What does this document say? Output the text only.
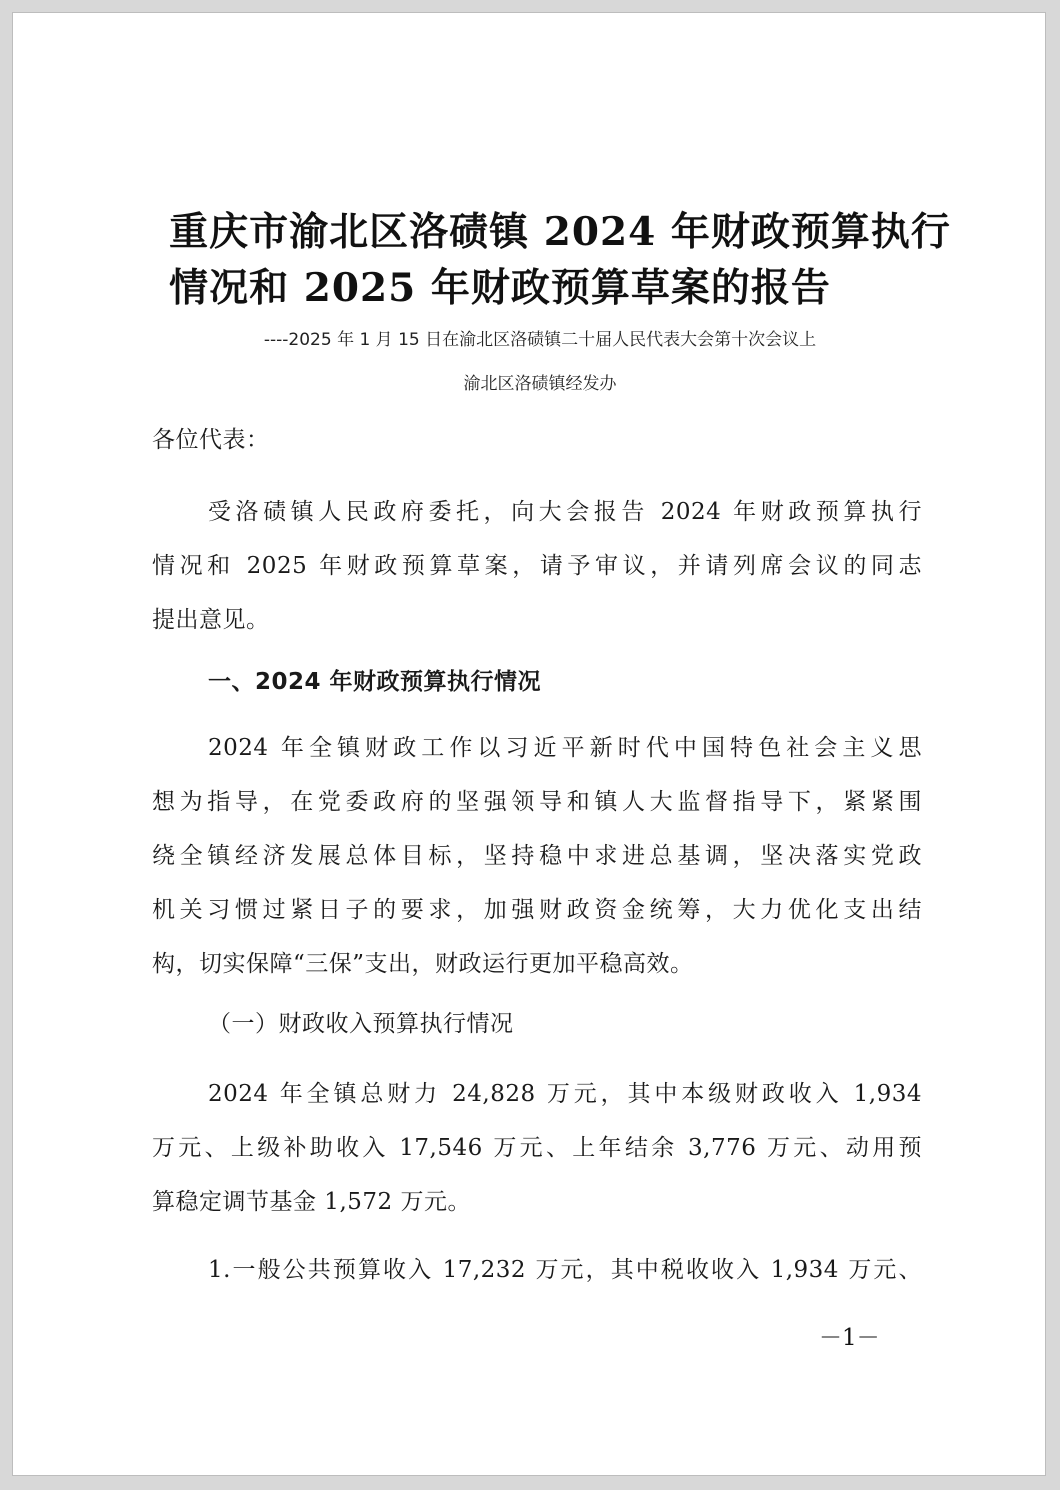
重庆市渝北区洛碛镇 2024 年财政预算执行
情况和 2025 年财政预算草案的报告
----2025 年 1 月 15 日在渝北区洛碛镇二十届人民代表大会第十次会议上
渝北区洛碛镇经发办
各位代表：
受洛碛镇人民政府委托，向大会报告 2024 年财政预算执行
情况和 2025 年财政预算草案，请予审议，并请列席会议的同志
提出意见。
一、2024 年财政预算执行情况
2024 年全镇财政工作以习近平新时代中国特色社会主义思
想为指导，在党委政府的坚强领导和镇人大监督指导下，紧紧围
绕全镇经济发展总体目标，坚持稳中求进总基调，坚决落实党政
机关习惯过紧日子的要求，加强财政资金统筹，大力优化支出结
构，切实保障“三保”支出，财政运行更加平稳高效。
（一）财政收入预算执行情况
2024 年全镇总财力 24,828 万元，其中本级财政收入 1,934
万元、上级补助收入 17,546 万元、上年结余 3,776 万元、动用预
算稳定调节基金 1,572 万元。
1.一般公共预算收入 17,232 万元，其中税收收入 1,934 万元、
－1－
